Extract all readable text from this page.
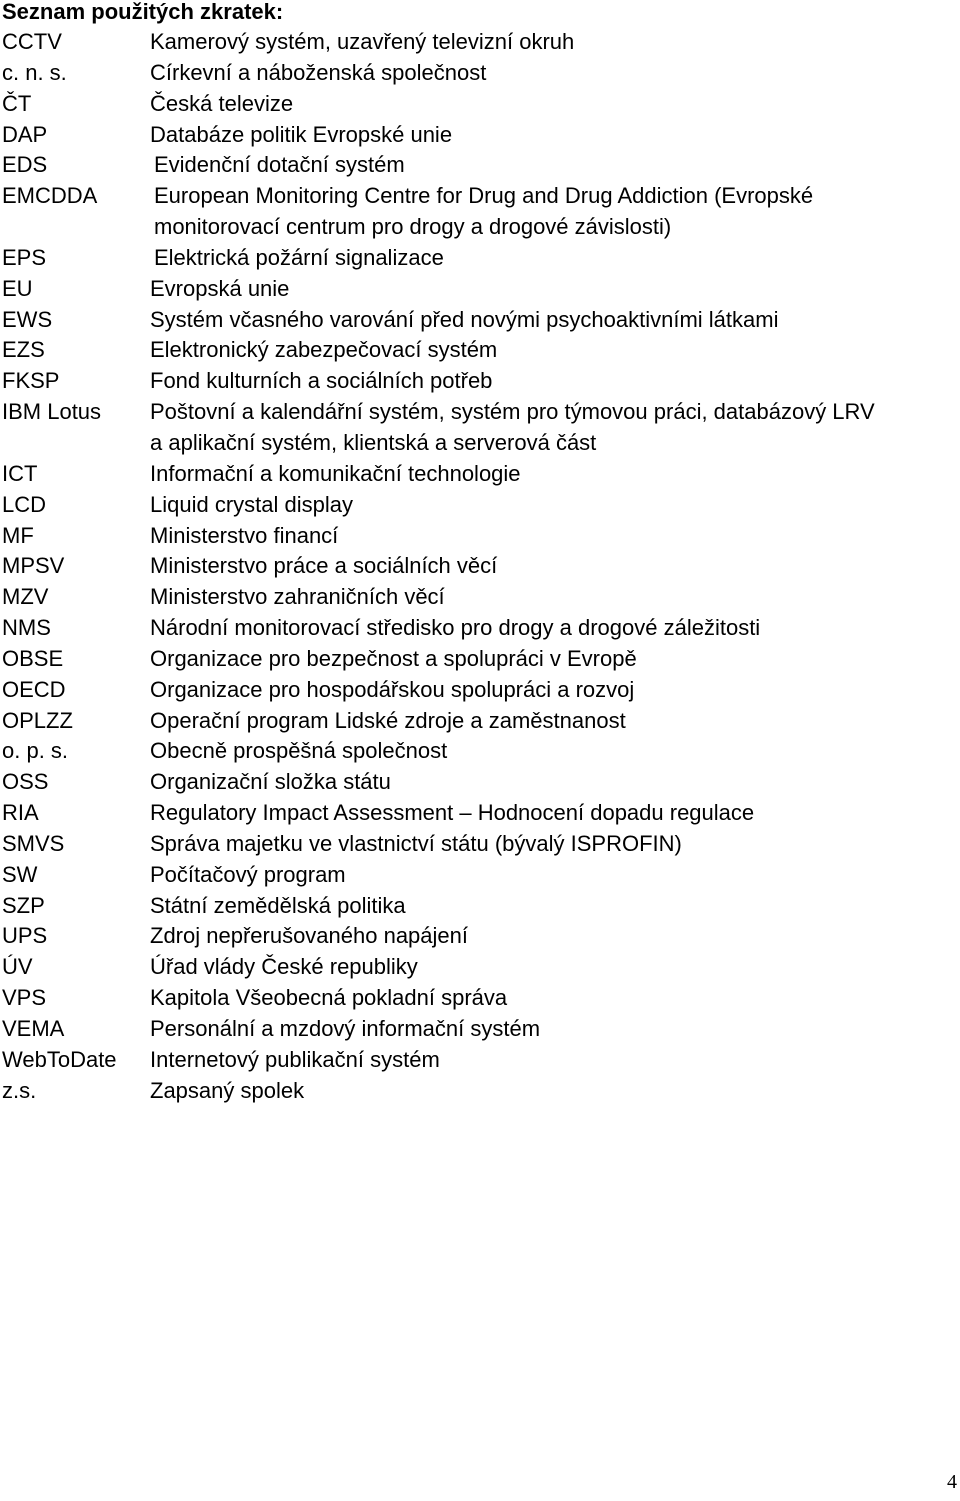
Seznam použitých zkratek:
CCTV	Kamerový systém, uzavřený televizní okruh
c. n. s.	Církevní a náboženská společnost
ČT	Česká televize
DAP	Databáze politik Evropské unie
EDS	Evidenční dotační systém
EMCDDA	European Monitoring Centre for Drug and Drug Addiction (Evropské
monitorovací centrum pro drogy a drogové závislosti)
EPS	Elektrická požární signalizace
EU	Evropská unie
EWS	Systém včasného varování před novými psychoaktivními látkami
EZS	Elektronický zabezpečovací systém
FKSP	Fond kulturních a sociálních potřeb
IBM Lotus	Poštovní a kalendářní systém, systém pro týmovou práci, databázový LRV
a aplikační systém, klientská a serverová část
ICT	Informační a komunikační technologie
LCD	Liquid crystal display
MF	Ministerstvo financí
MPSV	Ministerstvo práce a sociálních věcí
MZV	Ministerstvo zahraničních věcí
NMS	Národní monitorovací středisko pro drogy a drogové záležitosti
OBSE	Organizace pro bezpečnost a spolupráci v Evropě
OECD	Organizace pro hospodářskou spolupráci a rozvoj
OPLZZ	Operační program Lidské zdroje a zaměstnanost
o. p. s.	Obecně prospěšná společnost
OSS	Organizační složka státu
RIA	Regulatory Impact Assessment – Hodnocení dopadu regulace
SMVS	Správa majetku ve vlastnictví státu (bývalý ISPROFIN)
SW	Počítačový program
SZP	Státní zemědělská politika
UPS	Zdroj nepřerušovaného napájení
ÚV	Úřad vlády České republiky
VPS	Kapitola Všeobecná pokladní správa
VEMA	Personální a mzdový informační systém
WebToDate	Internetový publikační systém
z.s.	Zapsaný spolek
4
